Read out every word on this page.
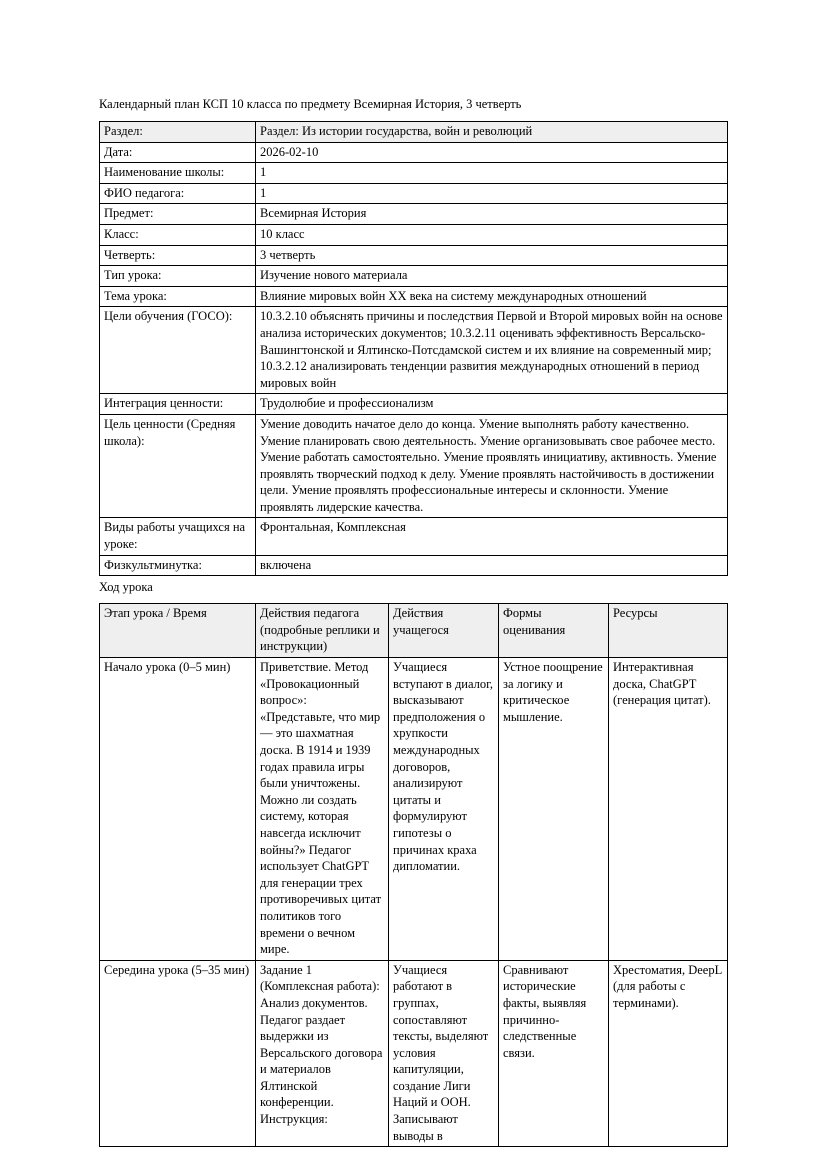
Календарный план КСП 10 класса по предмету Всемирная История, 3 четверть
Раздел:	Раздел: Из истории государства, войн и революций
Дата:	2026-02-10
Наименование школы:	1
ФИО педагога:	1
Предмет:	Всемирная История
Класс:	10 класс
Четверть:	3 четверть
Тип урока:	Изучение нового материала
Тема урока:	Влияние мировых войн XX века на систему международных отношений
Цели обучения (ГОСО):	10.3.2.10 объяснять причины и последствия Первой и Второй мировых войн на основе анализа исторических документов; 10.3.2.11 оценивать эффективность Версальско-Вашингтонской и Ялтинско-Потсдамской систем и их влияние на современный мир; 10.3.2.12 анализировать тенденции развития международных отношений в период мировых войн
Интеграция ценности:	Трудолюбие и профессионализм
Цель ценности (Средняя школа):	Умение доводить начатое дело до конца. Умение выполнять работу качественно. Умение планировать свою деятельность. Умение организовывать свое рабочее место. Умение работать самостоятельно. Умение проявлять инициативу, активность. Умение проявлять творческий подход к делу. Умение проявлять настойчивость в достижении цели. Умение проявлять профессиональные интересы и склонности. Умение проявлять лидерские качества.
Виды работы учащихся на уроке:	Фронтальная, Комплексная
Физкультминутка:	включена
Ход урока
Этап урока / Время	Действия педагога (подробные реплики и инструкции)	Действия учащегося	Формы оценивания	Ресурсы
Начало урока (0–5 мин)	Приветствие. Метод «Провокационный вопрос»: «Представьте, что мир — это шахматная доска. В 1914 и 1939 годах правила игры были уничтожены. Можно ли создать систему, которая навсегда исключит войны?» Педагог использует ChatGPT для генерации трех противоречивых цитат политиков того времени о вечном мире.	Учащиеся вступают в диалог, высказывают предположения о хрупкости международных договоров, анализируют цитаты и формулируют гипотезы о причинах краха дипломатии.	Устное поощрение за логику и критическое мышление.	Интерактивная доска, ChatGPT (генерация цитат).
Середина урока (5–35 мин)	Задание 1 (Комплексная работа): Анализ документов. Педагог раздает выдержки из Версальского договора и материалов Ялтинской конференции. Инструкция:	Учащиеся работают в группах, сопоставляют тексты, выделяют условия капитуляции, создание Лиги Наций и ООН. Записывают выводы в	Сравнивают исторические факты, выявляя причинно-следственные связи.	Хрестоматия, DeepL (для работы с терминами).
